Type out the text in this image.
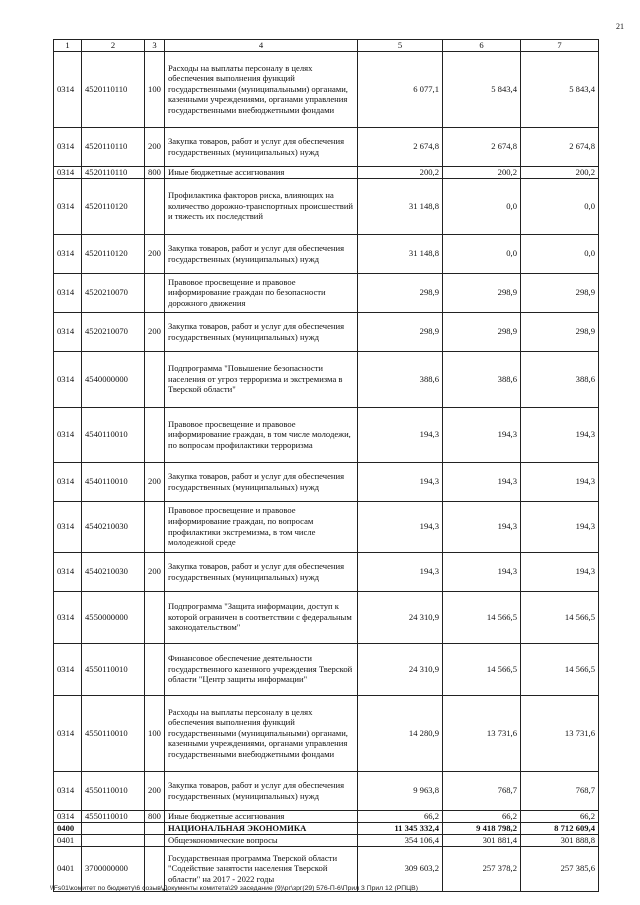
21
1	2	3	4	5	6	7
0314	4520110110	100	Расходы на выплаты персоналу в целях обеспечения выполнения функций государственными (муниципальными) органами, казенными учреждениями, органами управления государственными внебюджетными фондами	6 077,1	5 843,4	5 843,4
0314	4520110110	200	Закупка товаров, работ и услуг для обеспечения государственных (муниципальных) нужд	2 674,8	2 674,8	2 674,8
0314	4520110110	800	Иные бюджетные ассигнования	200,2	200,2	200,2
0314	4520110120		Профилактика факторов риска, влияющих на количество дорожно-транспортных происшествий и тяжесть их последствий	31 148,8	0,0	0,0
0314	4520110120	200	Закупка товаров, работ и услуг для обеспечения государственных (муниципальных) нужд	31 148,8	0,0	0,0
0314	4520210070		Правовое просвещение и правовое информирование граждан по безопасности дорожного движения	298,9	298,9	298,9
0314	4520210070	200	Закупка товаров, работ и услуг для обеспечения государственных (муниципальных) нужд	298,9	298,9	298,9
0314	4540000000		Подпрограмма "Повышение безопасности населения от угроз терроризма и экстремизма в Тверской области"	388,6	388,6	388,6
0314	4540110010		Правовое просвещение и правовое информирование граждан, в том числе молодежи, по вопросам профилактики терроризма	194,3	194,3	194,3
0314	4540110010	200	Закупка товаров, работ и услуг для обеспечения государственных (муниципальных) нужд	194,3	194,3	194,3
0314	4540210030		Правовое просвещение и правовое информирование граждан, по вопросам профилактики экстремизма, в том числе молодежной среде	194,3	194,3	194,3
0314	4540210030	200	Закупка товаров, работ и услуг для обеспечения государственных (муниципальных) нужд	194,3	194,3	194,3
0314	4550000000		Подпрограмма "Защита информации, доступ к которой ограничен в соответствии с федеральным законодательством"	24 310,9	14 566,5	14 566,5
0314	4550110010		Финансовое обеспечение деятельности государственного казенного учреждения Тверской области "Центр защиты информации"	24 310,9	14 566,5	14 566,5
0314	4550110010	100	Расходы на выплаты персоналу в целях обеспечения выполнения функций государственными (муниципальными) органами, казенными учреждениями, органами управления государственными внебюджетными фондами	14 280,9	13 731,6	13 731,6
0314	4550110010	200	Закупка товаров, работ и услуг для обеспечения государственных (муниципальных) нужд	9 963,8	768,7	768,7
0314	4550110010	800	Иные бюджетные ассигнования	66,2	66,2	66,2
0400			НАЦИОНАЛЬНАЯ ЭКОНОМИКА	11 345 332,4	9 418 798,2	8 712 609,4
0401			Общеэкономические вопросы	354 106,4	301 881,4	301 888,8
0401	3700000000		Государственная программа Тверской области "Содействие занятости населения Тверской области" на 2017 - 2022 годы	309 603,2	257 378,2	257 385,6
\\Fs01\комитет по бюджету\6 созыв\Документы комитета\29 заседание (9)\рг\зрг(29) 576-П-6\Прил 3 Прил 12 (РПЦВ)
